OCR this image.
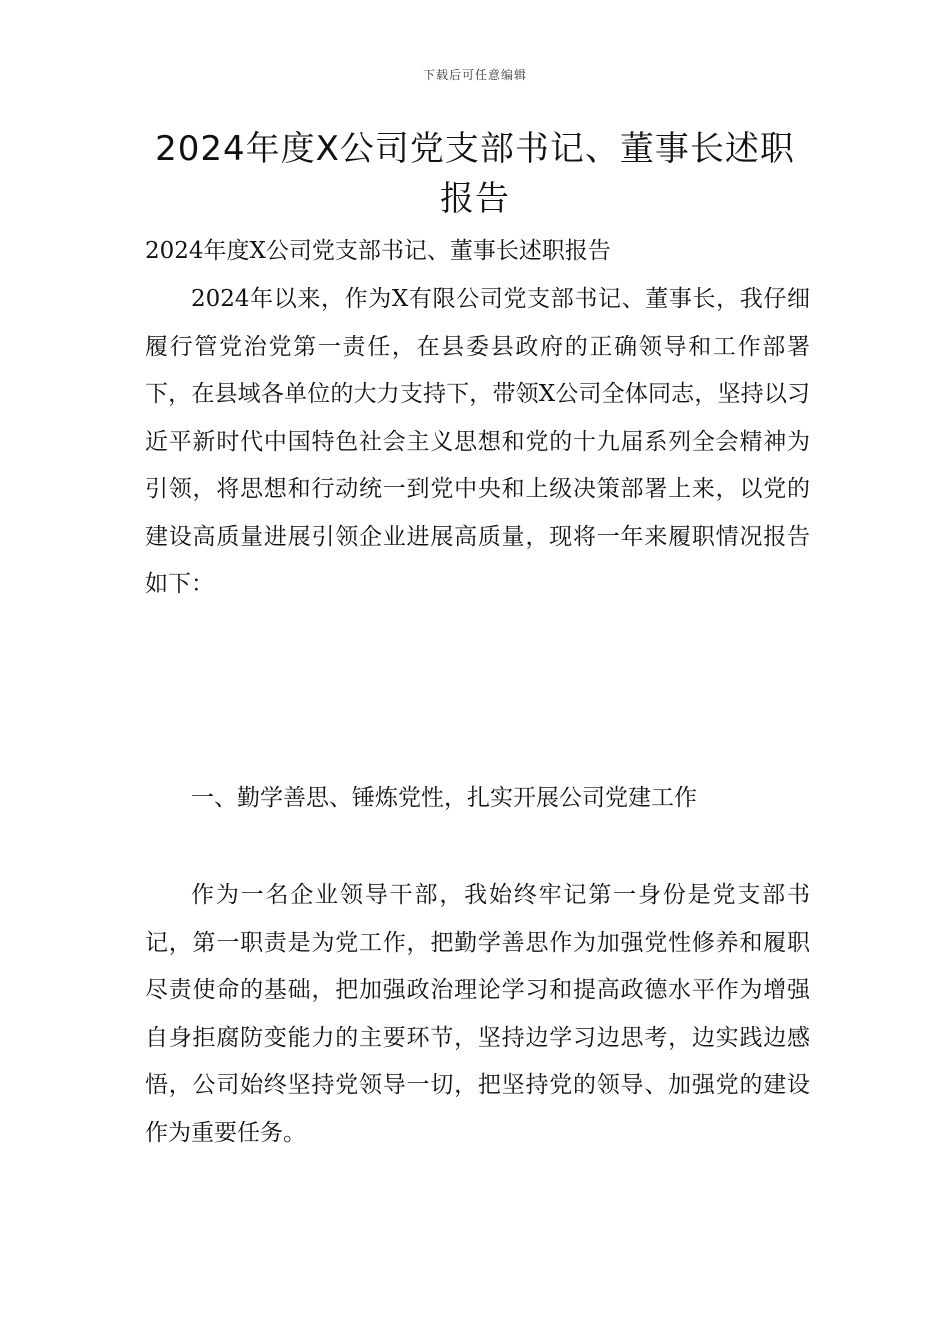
下载后可任意编辑
2024年度X公司党支部书记、董事长述职报告

2024年度X公司党支部书记、董事长述职报告

2024年以来，作为X有限公司党支部书记、董事长，我仔细履行管党治党第一责任，在县委县政府的正确领导和工作部署下，在县域各单位的大力支持下，带领X公司全体同志，坚持以习近平新时代中国特色社会主义思想和党的十九届系列全会精神为引领，将思想和行动统一到党中央和上级决策部署上来，以党的建设高质量进展引领企业进展高质量，现将一年来履职情况报告如下：

一、勤学善思、锤炼党性，扎实开展公司党建工作

作为一名企业领导干部，我始终牢记第一身份是党支部书记，第一职责是为党工作，把勤学善思作为加强党性修养和履职尽责使命的基础，把加强政治理论学习和提高政德水平作为增强自身拒腐防变能力的主要环节，坚持边学习边思考，边实践边感悟，公司始终坚持党领导一切，把坚持党的领导、加强党的建设作为重要任务。
